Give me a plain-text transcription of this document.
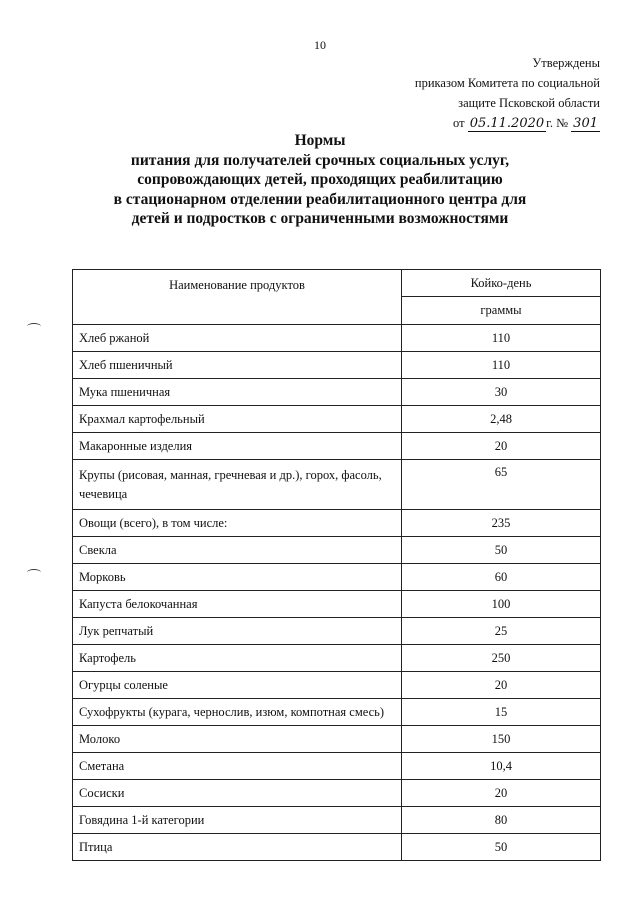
10
Утверждены
приказом Комитета по социальной
защите Псковской области
от 05.11.2020 г. № 301
Нормы
питания для получателей срочных социальных услуг,
сопровождающих детей, проходящих реабилитацию
в стационарном отделении реабилитационного центра для
детей и подростков с ограниченными возможностями
Наименование продуктов	Койко-день
	граммы
Хлеб ржаной	110
Хлеб пшеничный	110
Мука пшеничная	30
Крахмал картофельный	2,48
Макаронные изделия	20
Крупы (рисовая, манная, гречневая и др.), горох, фасоль, чечевица	65
Овощи (всего), в том числе:	235
Свекла	50
Морковь	60
Капуста белокочанная	100
Лук репчатый	25
Картофель	250
Огурцы соленые	20
Сухофрукты (курага, чернослив, изюм, компотная смесь)	15
Молоко	150
Сметана	10,4
Сосиски	20
Говядина 1-й категории	80
Птица	50
